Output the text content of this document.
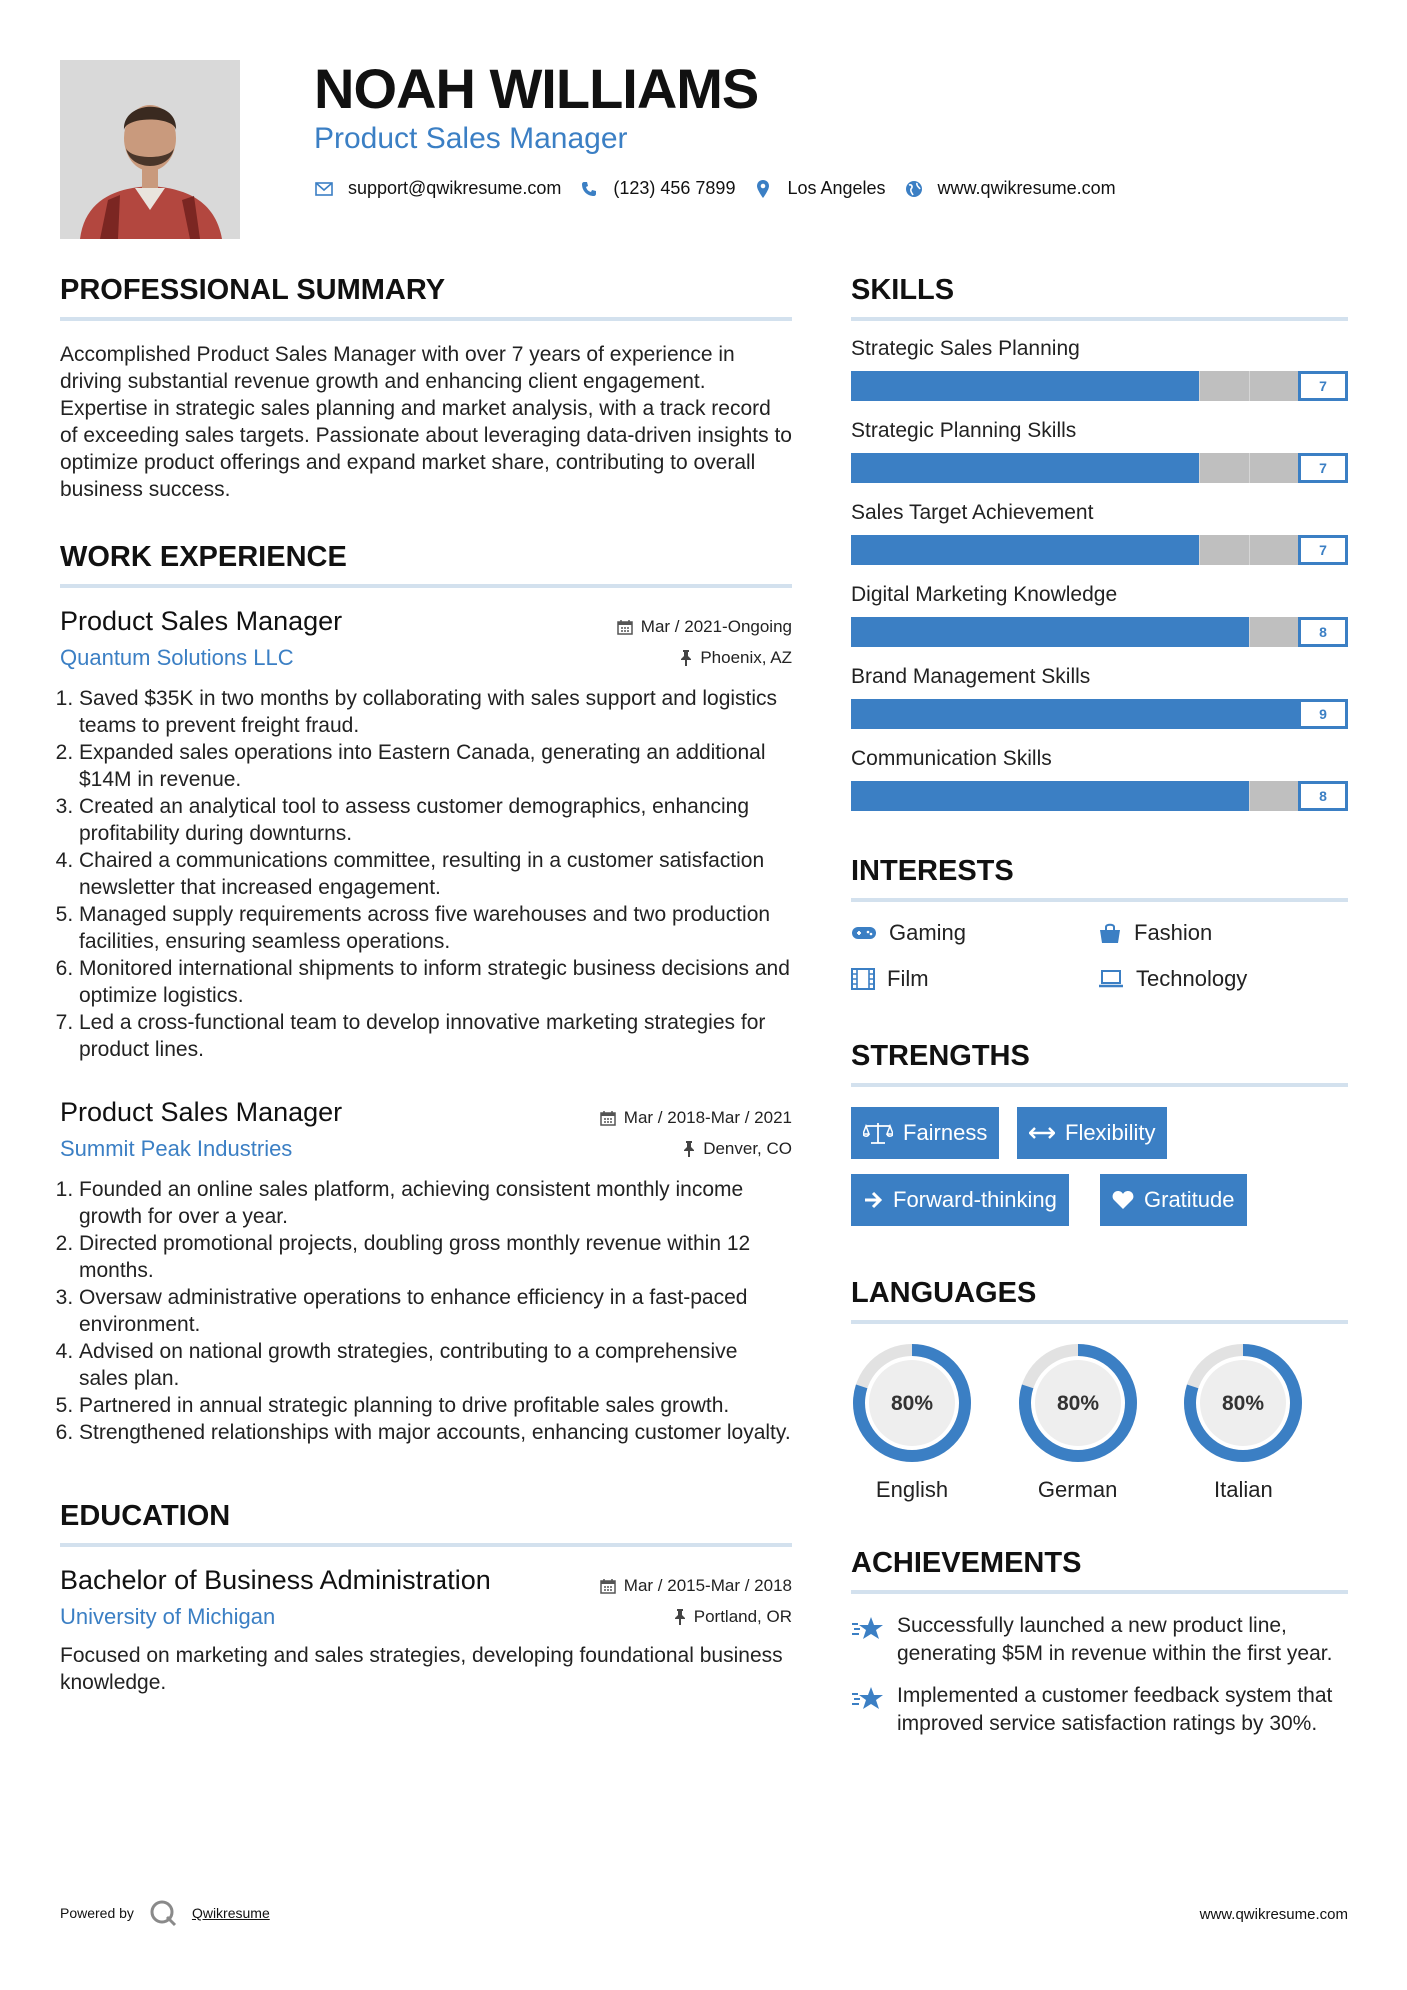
NOAH WILLIAMS
Product Sales Manager
support@qwikresume.com	(123) 456 7899	Los Angeles	www.qwikresume.com
PROFESSIONAL SUMMARY
Accomplished Product Sales Manager with over 7 years of experience in driving substantial revenue growth and enhancing client engagement. Expertise in strategic sales planning and market analysis, with a track record of exceeding sales targets. Passionate about leveraging data-driven insights to optimize product offerings and expand market share, contributing to overall business success.
WORK EXPERIENCE
Product Sales Manager	Mar / 2021-Ongoing
Quantum Solutions LLC	Phoenix, AZ
1. Saved $35K in two months by collaborating with sales support and logistics teams to prevent freight fraud.
2. Expanded sales operations into Eastern Canada, generating an additional $14M in revenue.
3. Created an analytical tool to assess customer demographics, enhancing profitability during downturns.
4. Chaired a communications committee, resulting in a customer satisfaction newsletter that increased engagement.
5. Managed supply requirements across five warehouses and two production facilities, ensuring seamless operations.
6. Monitored international shipments to inform strategic business decisions and optimize logistics.
7. Led a cross-functional team to develop innovative marketing strategies for product lines.
Product Sales Manager	Mar / 2018-Mar / 2021
Summit Peak Industries	Denver, CO
1. Founded an online sales platform, achieving consistent monthly income growth for over a year.
2. Directed promotional projects, doubling gross monthly revenue within 12 months.
3. Oversaw administrative operations to enhance efficiency in a fast-paced environment.
4. Advised on national growth strategies, contributing to a comprehensive sales plan.
5. Partnered in annual strategic planning to drive profitable sales growth.
6. Strengthened relationships with major accounts, enhancing customer loyalty.
EDUCATION
Bachelor of Business Administration	Mar / 2015-Mar / 2018
University of Michigan	Portland, OR
Focused on marketing and sales strategies, developing foundational business knowledge.
SKILLS
Strategic Sales Planning
7
Strategic Planning Skills
7
Sales Target Achievement
7
Digital Marketing Knowledge
8
Brand Management Skills
9
Communication Skills
8
INTERESTS
Gaming	Fashion
Film	Technology
STRENGTHS
Fairness	Flexibility
Forward-thinking	Gratitude
LANGUAGES
80%
English
80%
German
80%
Italian
ACHIEVEMENTS
Successfully launched a new product line, generating $5M in revenue within the first year.
Implemented a customer feedback system that improved service satisfaction ratings by 30%.
Powered by	Qwikresume	www.qwikresume.com
